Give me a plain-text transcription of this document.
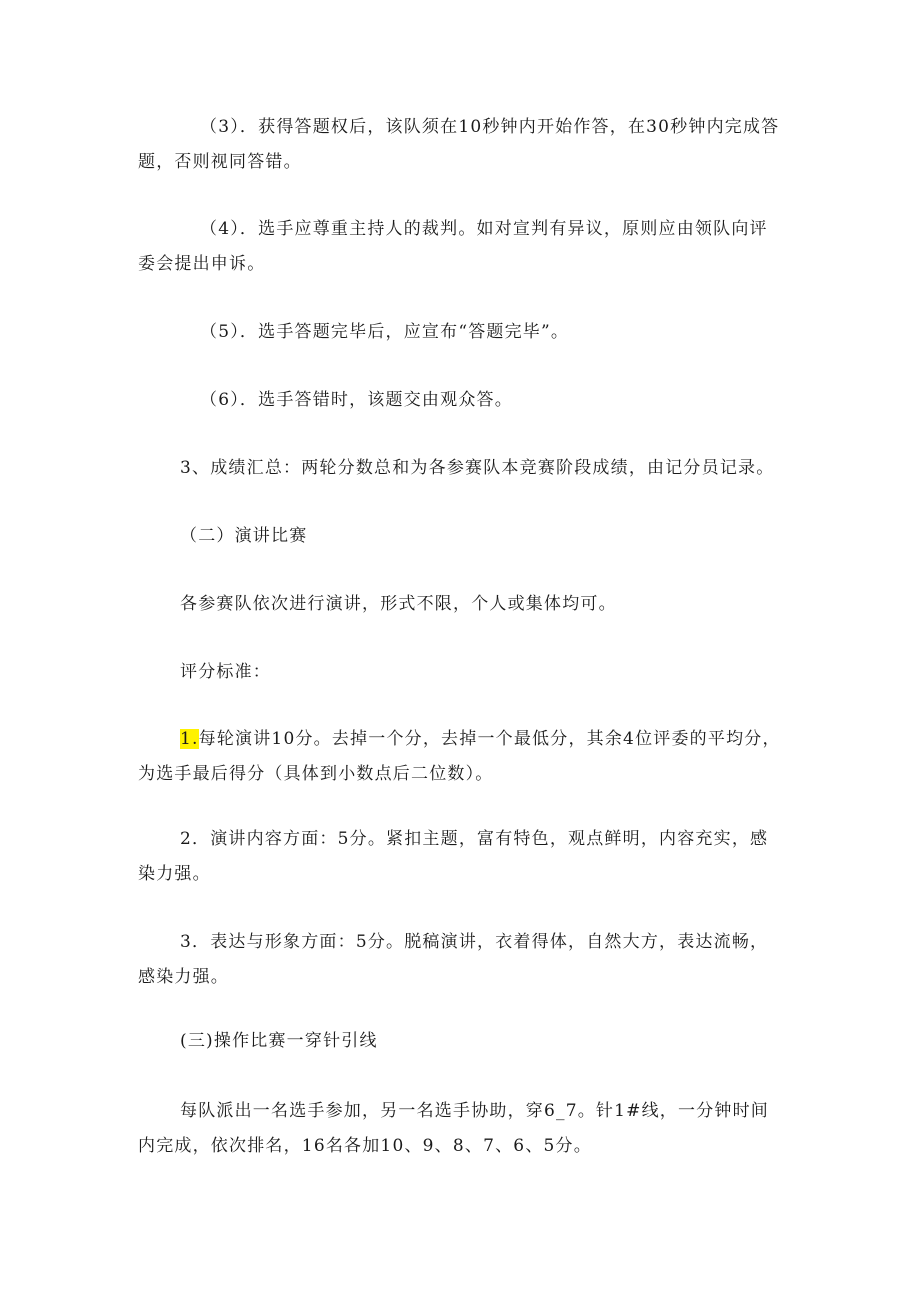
（3）．获得答题权后，该队须在10秒钟内开始作答，在30秒钟内完成答题，否则视同答错。

（4）．选手应尊重主持人的裁判。如对宣判有异议，原则应由领队向评委会提出申诉。

（5）．选手答题完毕后，应宣布“答题完毕”。

（6）．选手答错时，该题交由观众答。

3、成绩汇总：两轮分数总和为各参赛队本竞赛阶段成绩，由记分员记录。

（二）演讲比赛

各参赛队依次进行演讲，形式不限，个人或集体均可。

评分标准：

1.每轮演讲10分。去掉一个分，去掉一个最低分，其余4位评委的平均分，为选手最后得分（具体到小数点后二位数）。

2．演讲内容方面：5分。紧扣主题，富有特色，观点鲜明，内容充实，感染力强。

3．表达与形象方面：5分。脱稿演讲，衣着得体，自然大方，表达流畅，感染力强。

(三)操作比赛一穿针引线

每队派出一名选手参加，另一名选手协助，穿6_7。针1#线，一分钟时间内完成，依次排名，16名各加10、9、8、7、6、5分。
